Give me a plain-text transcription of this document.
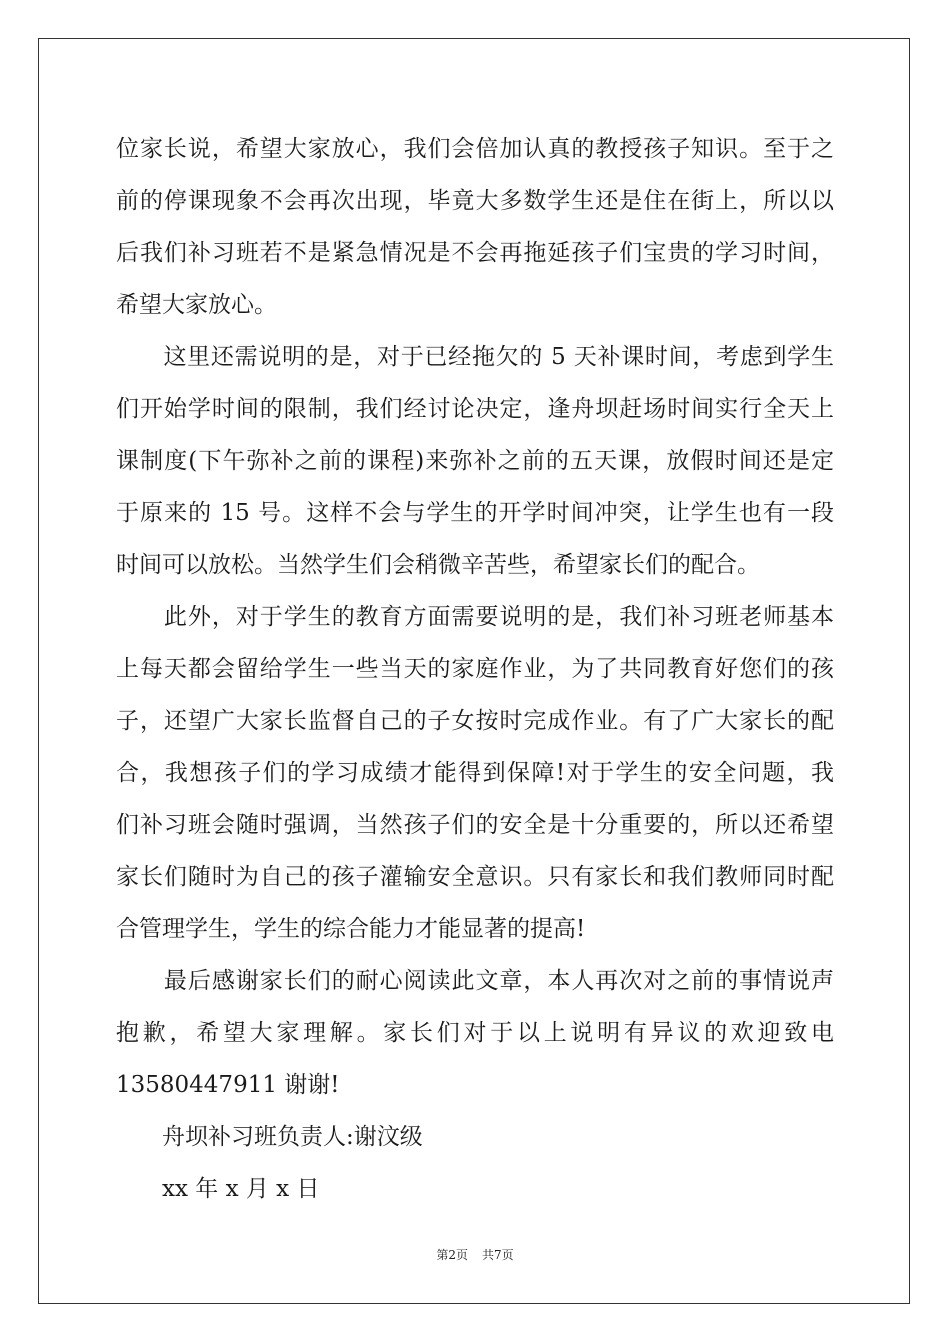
位家长说，希望大家放心，我们会倍加认真的教授孩子知识。至于之
前的停课现象不会再次出现，毕竟大多数学生还是住在街上，所以以
后我们补习班若不是紧急情况是不会再拖延孩子们宝贵的学习时间，
希望大家放心。
　　这里还需说明的是，对于已经拖欠的 5 天补课时间，考虑到学生
们开始学时间的限制，我们经讨论决定，逢舟坝赶场时间实行全天上
课制度(下午弥补之前的课程)来弥补之前的五天课，放假时间还是定
于原来的 15 号。这样不会与学生的开学时间冲突，让学生也有一段
时间可以放松。当然学生们会稍微辛苦些，希望家长们的配合。
　　此外，对于学生的教育方面需要说明的是，我们补习班老师基本
上每天都会留给学生一些当天的家庭作业，为了共同教育好您们的孩
子，还望广大家长监督自己的子女按时完成作业。有了广大家长的配
合，我想孩子们的学习成绩才能得到保障!对于学生的安全问题，我
们补习班会随时强调，当然孩子们的安全是十分重要的，所以还希望
家长们随时为自己的孩子灌输安全意识。只有家长和我们教师同时配
合管理学生，学生的综合能力才能显著的提高!
　　最后感谢家长们的耐心阅读此文章，本人再次对之前的事情说声
抱歉，希望大家理解。家长们对于以上说明有异议的欢迎致电
13580447911 谢谢!
　　舟坝补习班负责人:谢汶级
　　xx 年 x 月 x 日
第2页 共7页
